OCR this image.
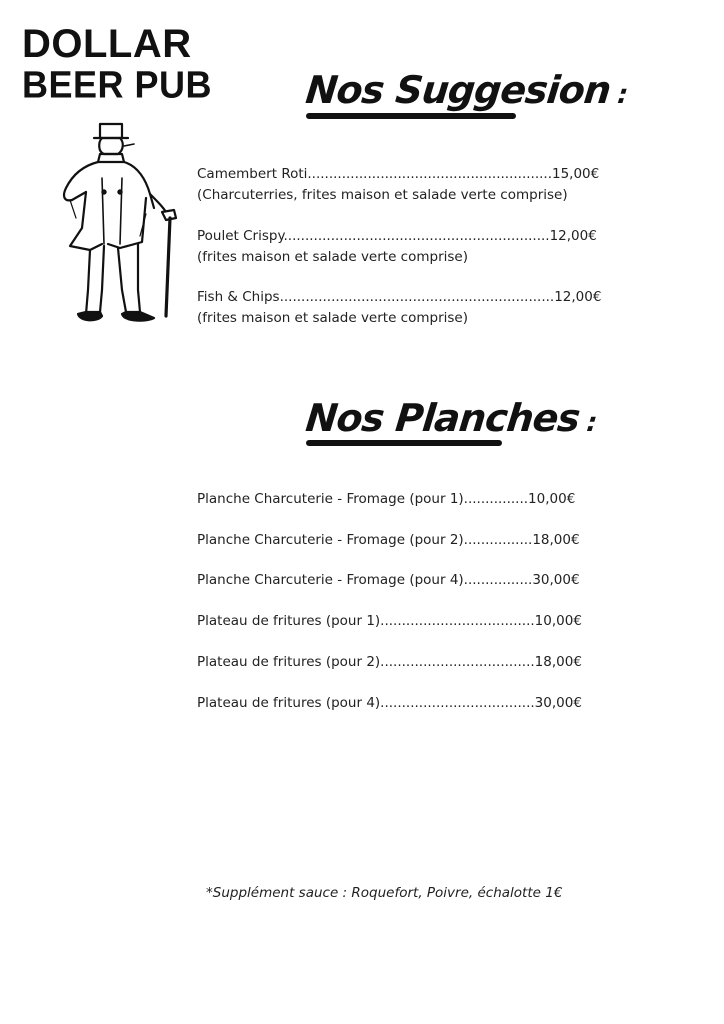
DOLLAR
BEER PUB Nos Suggesion :
Camembert Roti.........................................................15,00€
(Charcuterries, frites maison et salade verte comprise)
Poulet Crispy..............................................................12,00€
(frites maison et salade verte comprise)
Fish & Chips................................................................12,00€
(frites maison et salade verte comprise)
Nos Planches :
Planche Charcuterie - Fromage (pour 1)...............10,00€
Planche Charcuterie - Fromage (pour 2)................18,00€
Planche Charcuterie - Fromage (pour 4)................30,00€
Plateau de fritures (pour 1)....................................10,00€
Plateau de fritures (pour 2)....................................18,00€
Plateau de fritures (pour 4)....................................30,00€
*Supplément sauce : Roquefort, Poivre, échalotte 1€
